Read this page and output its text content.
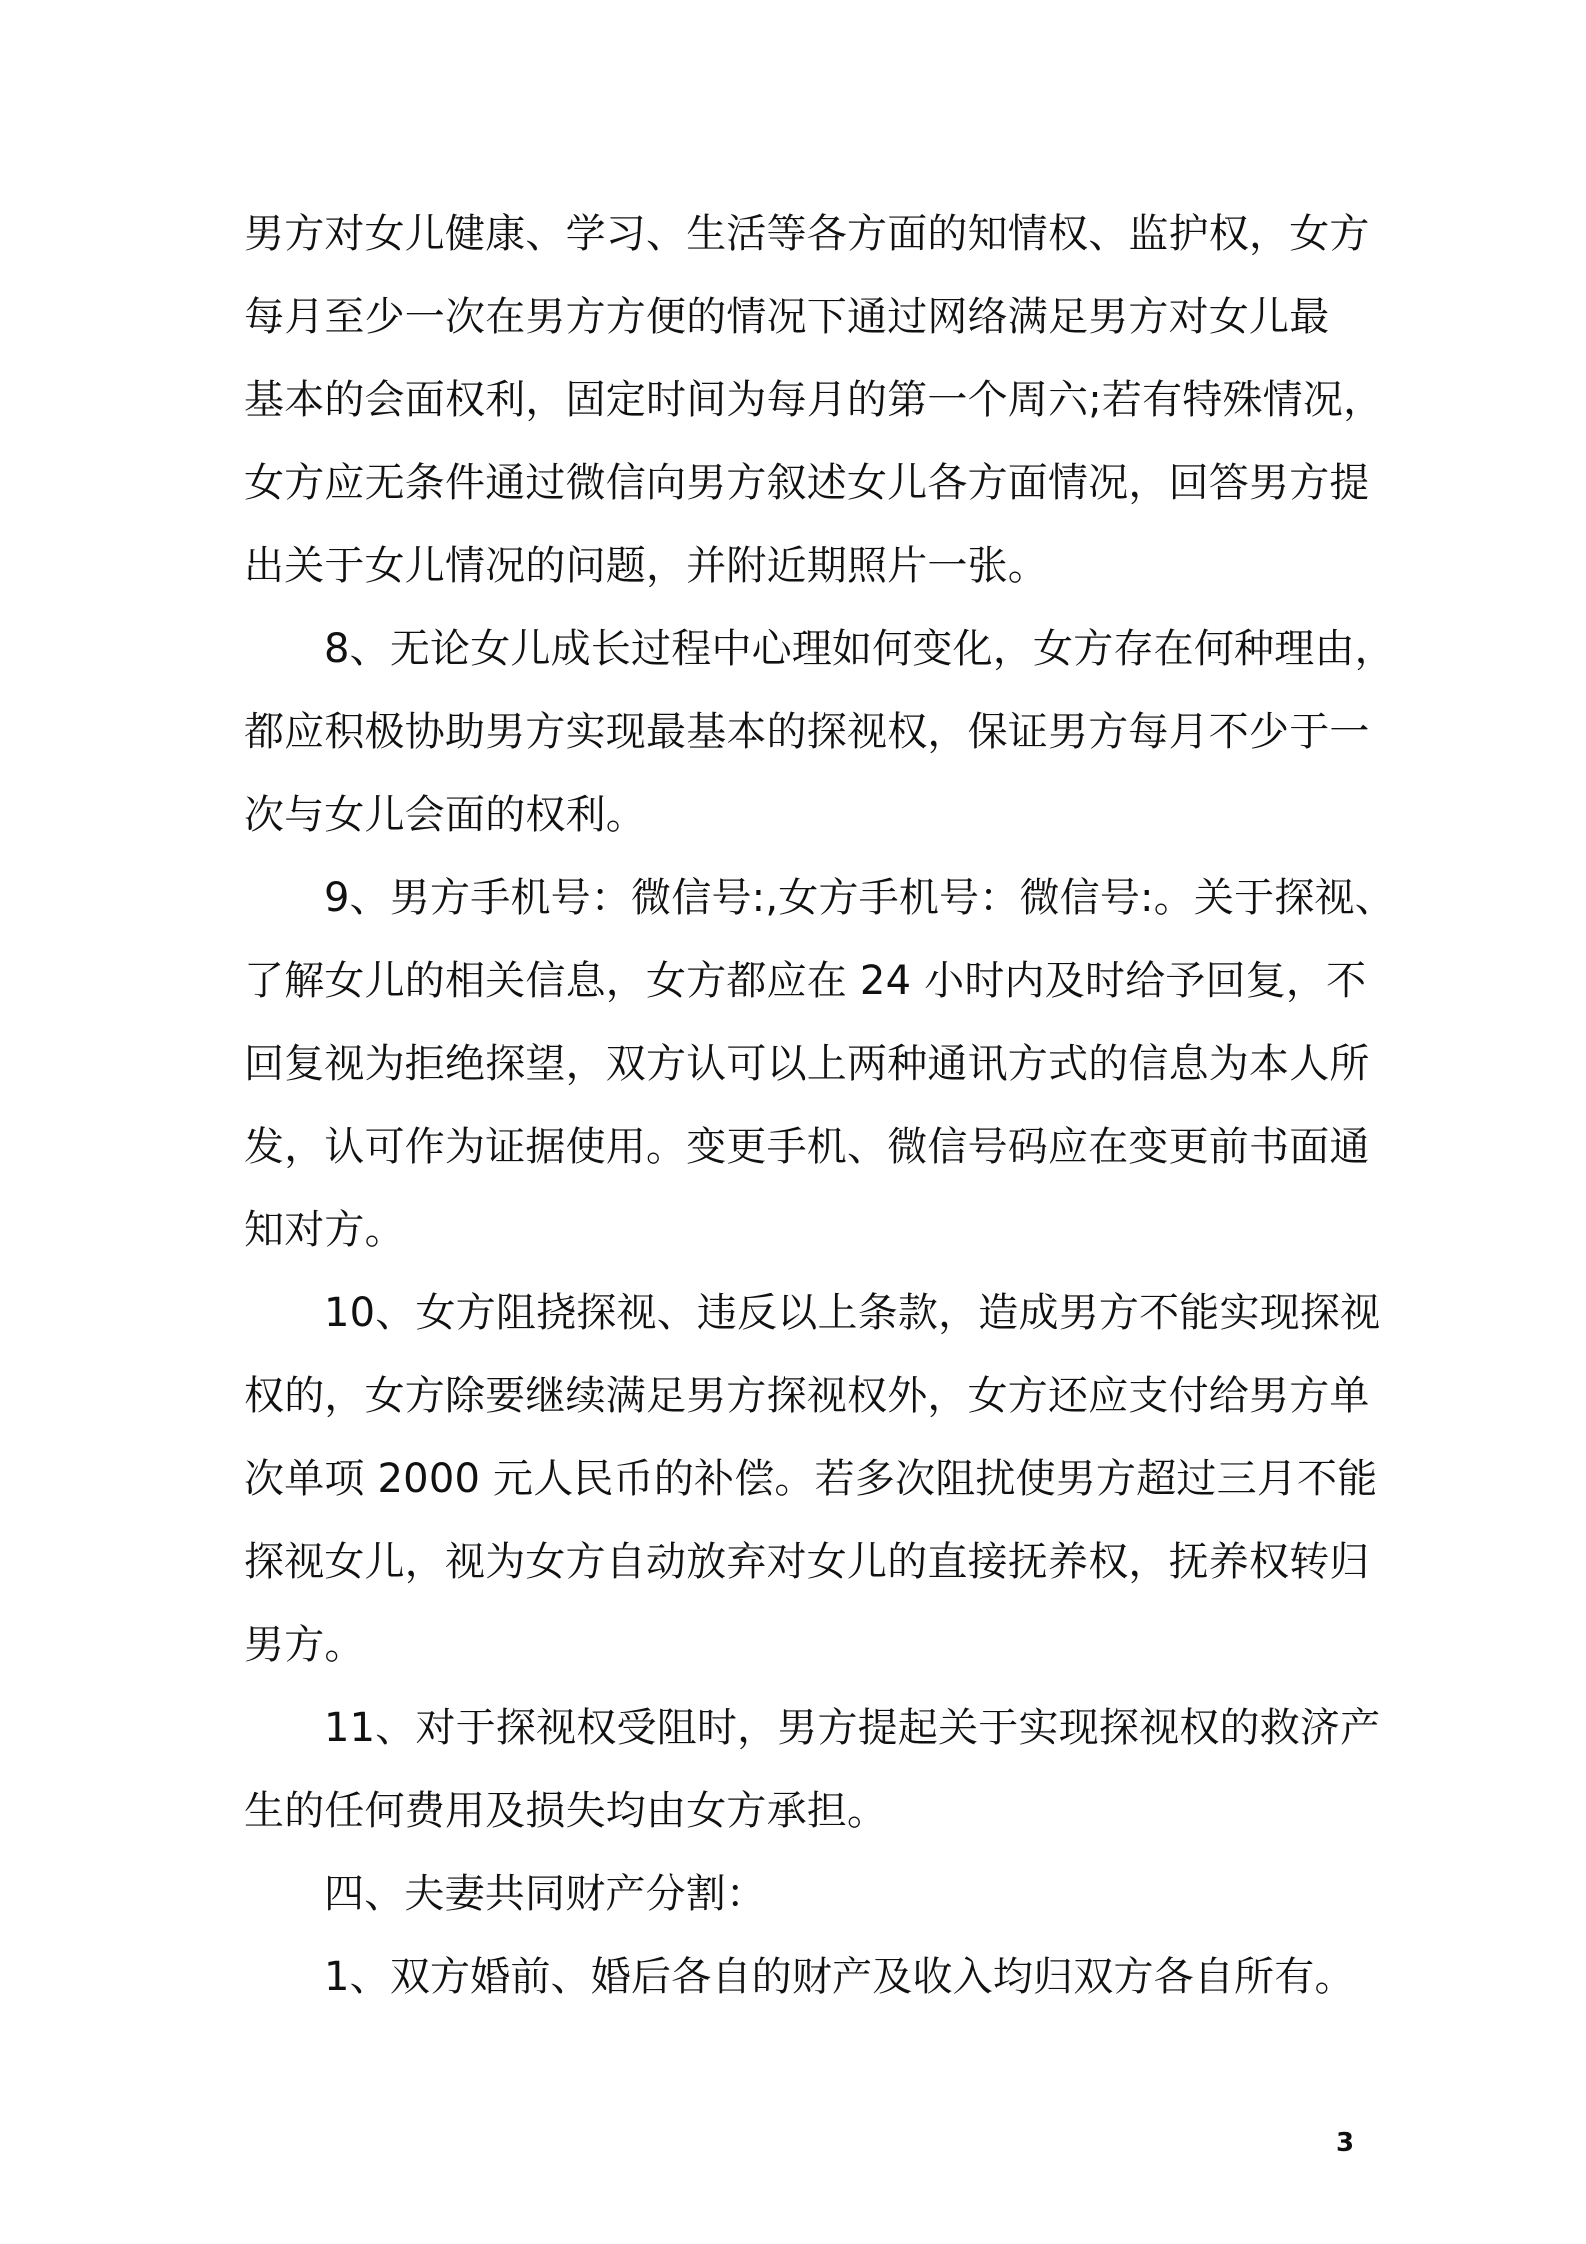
男方对女儿健康、学习、生活等各方面的知情权、监护权，女方
每月至少一次在男方方便的情况下通过网络满足男方对女儿最
基本的会面权利，固定时间为每月的第一个周六;若有特殊情况，
女方应无条件通过微信向男方叙述女儿各方面情况，回答男方提
出关于女儿情况的问题，并附近期照片一张。
8、无论女儿成长过程中心理如何变化，女方存在何种理由，
都应积极协助男方实现最基本的探视权，保证男方每月不少于一
次与女儿会面的权利。
9、男方手机号：微信号:,女方手机号：微信号:。关于探视、
了解女儿的相关信息，女方都应在 24 小时内及时给予回复，不
回复视为拒绝探望，双方认可以上两种通讯方式的信息为本人所
发，认可作为证据使用。变更手机、微信号码应在变更前书面通
知对方。
10、女方阻挠探视、违反以上条款，造成男方不能实现探视
权的，女方除要继续满足男方探视权外，女方还应支付给男方单
次单项 2000 元人民币的补偿。若多次阻扰使男方超过三月不能
探视女儿，视为女方自动放弃对女儿的直接抚养权，抚养权转归
男方。
11、对于探视权受阻时，男方提起关于实现探视权的救济产
生的任何费用及损失均由女方承担。
四、夫妻共同财产分割：
1、双方婚前、婚后各自的财产及收入均归双方各自所有。
3
